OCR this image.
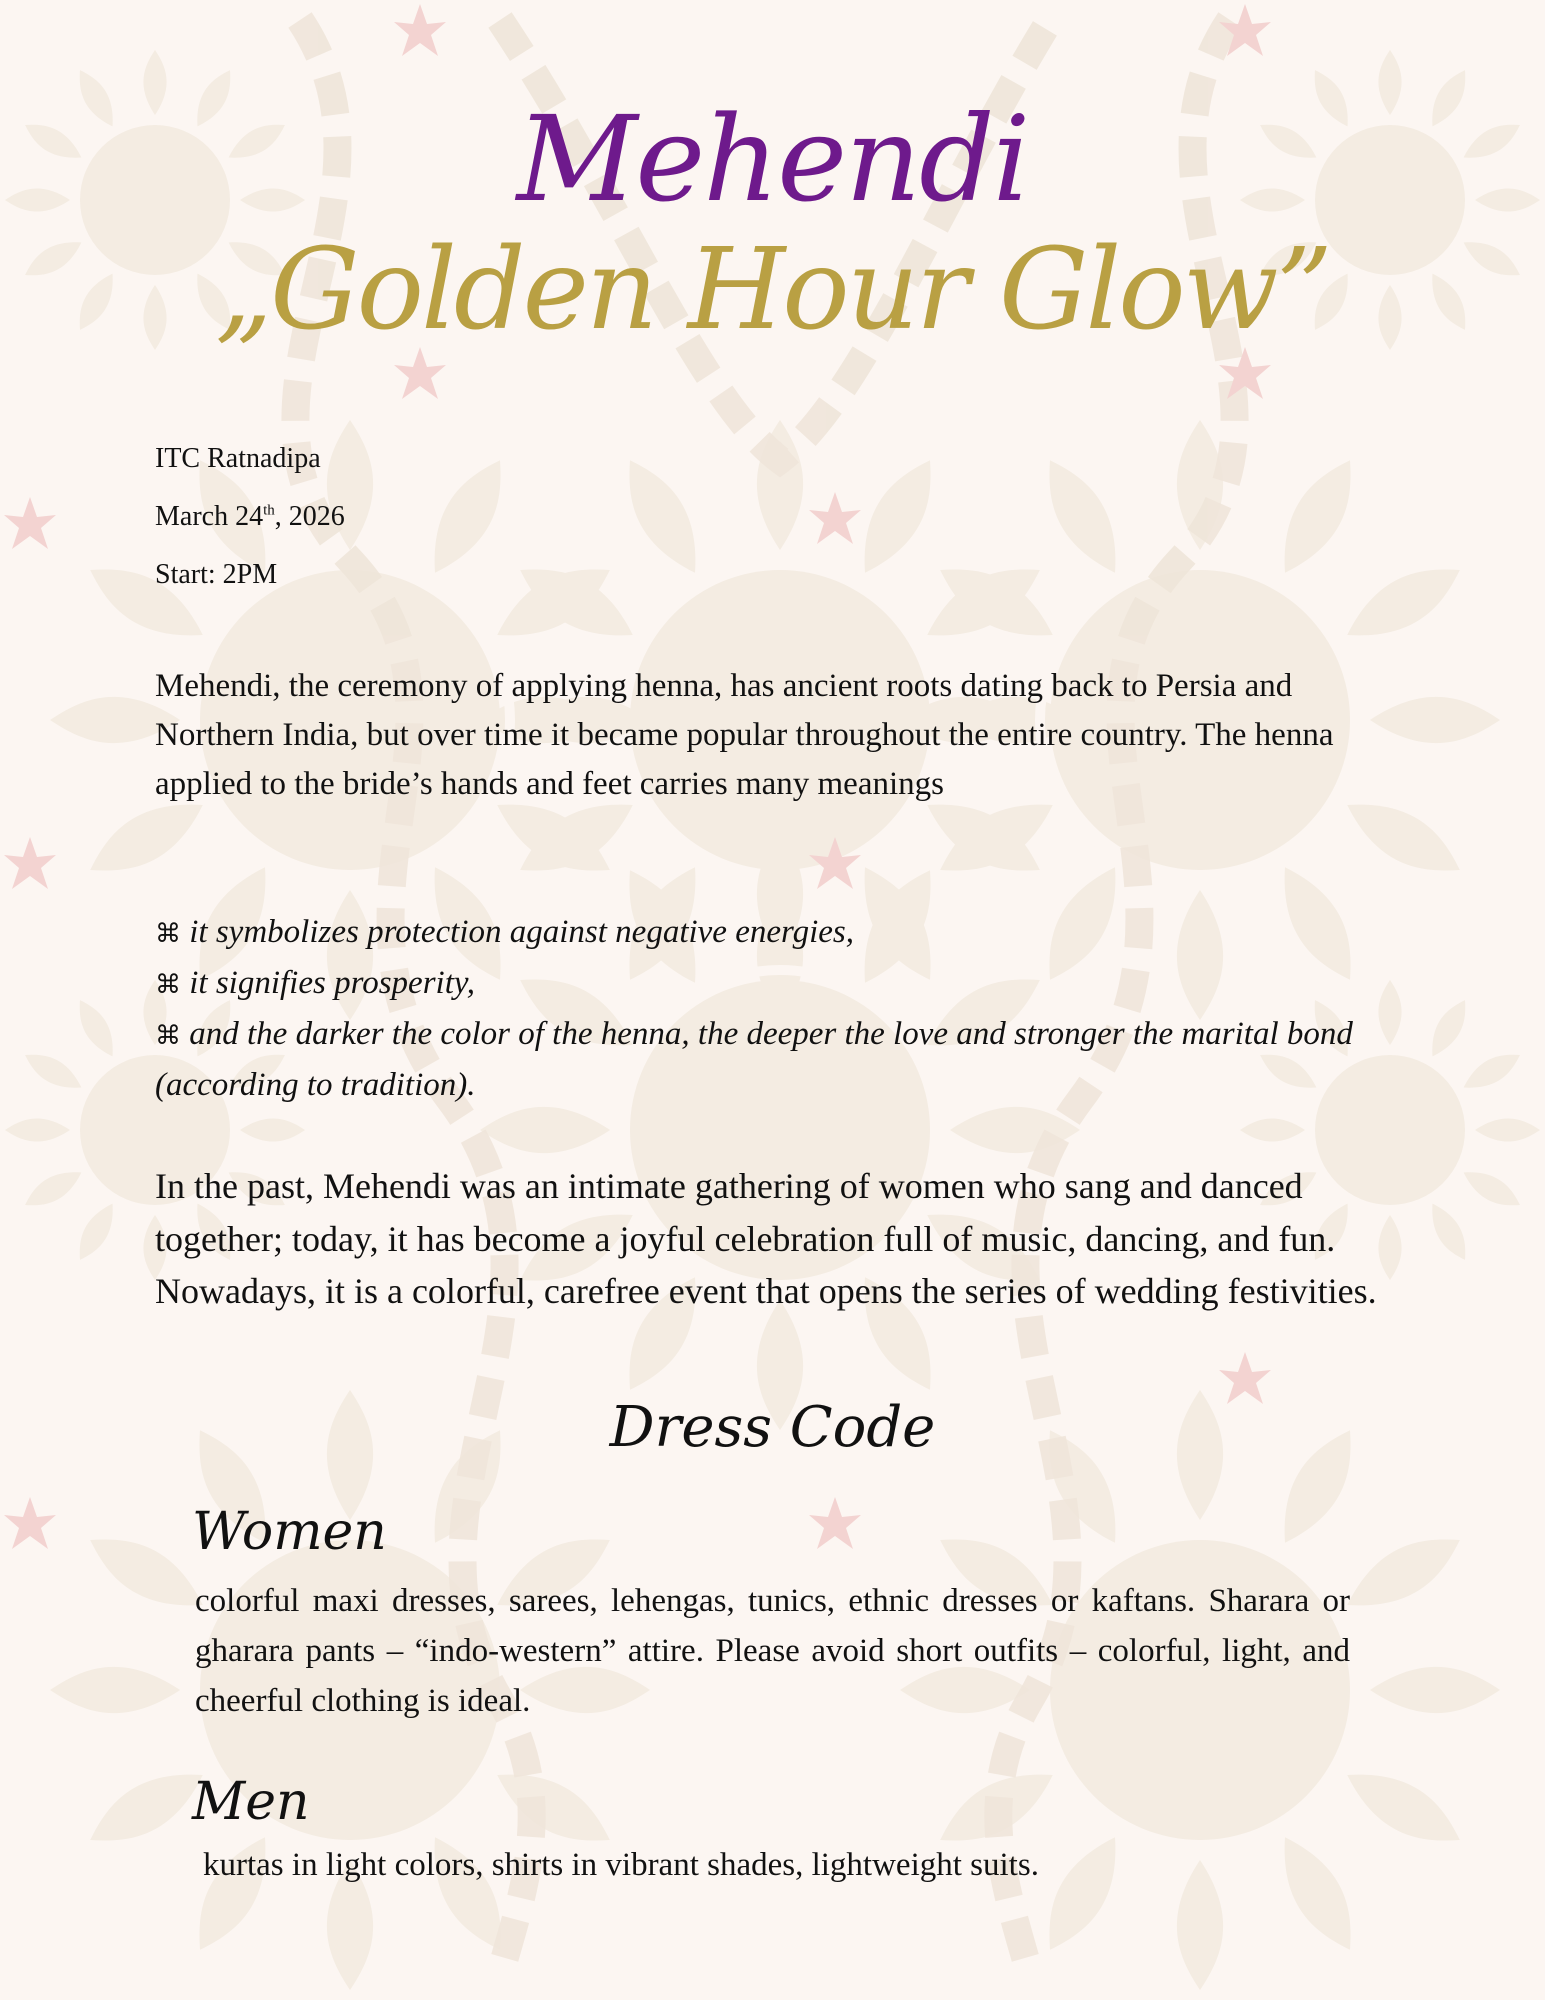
Mehendi
„Golden Hour Glow”
ITC Ratnadipa
March 24th, 2026
Start: 2PM
Mehendi, the ceremony of applying henna, has ancient roots dating back to Persia and Northern India, but over time it became popular throughout the entire country. The henna applied to the bride’s hands and feet carries many meanings
⌘ it symbolizes protection against negative energies,
⌘ it signifies prosperity,
⌘ and the darker the color of the henna, the deeper the love and stronger the marital bond (according to tradition).
In the past, Mehendi was an intimate gathering of women who sang and danced together; today, it has become a joyful celebration full of music, dancing, and fun. Nowadays, it is a colorful, carefree event that opens the series of wedding festivities.
Dress Code
Women
colorful maxi dresses, sarees, lehengas, tunics, ethnic dresses or kaftans. Sharara or gharara pants – “indo-western” attire. Please avoid short outfits – colorful, light, and cheerful clothing is ideal.
Men
kurtas in light colors, shirts in vibrant shades, lightweight suits.
